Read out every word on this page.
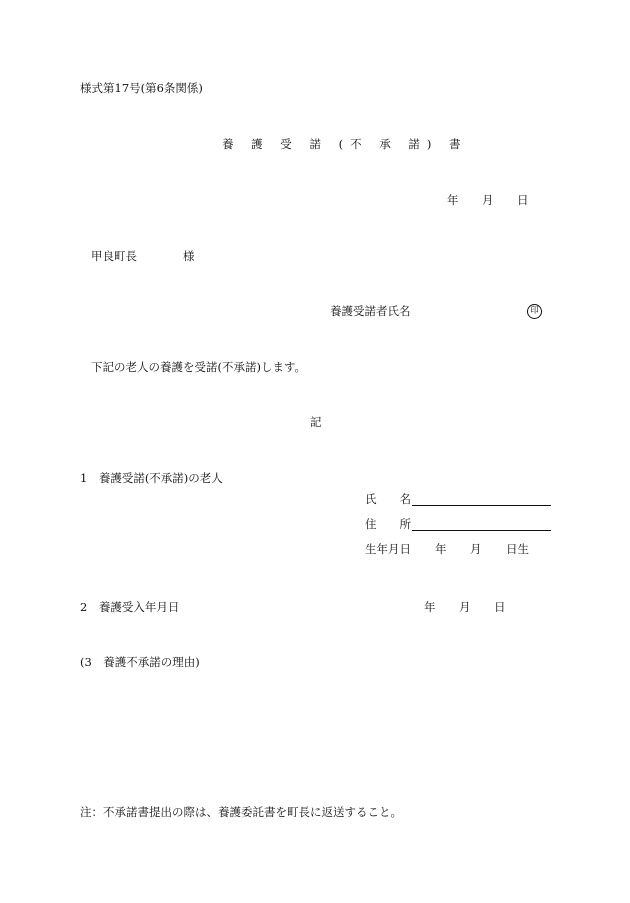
様式第17号(第6条関係)
養 護 受 諾 (不 承 諾) 書
年 月 日
甲良町長	様
養護受諾者氏名	印
下記の老人の養護を受諾(不承諾)します。
記
1　養護受諾(不承諾)の老人
氏　　名
住　　所
生年月日 年 月 日生
2　養護受入年月日	年 月 日
(3　養護不承諾の理由)
注：不承諾書提出の際は、養護委託書を町長に返送すること。
